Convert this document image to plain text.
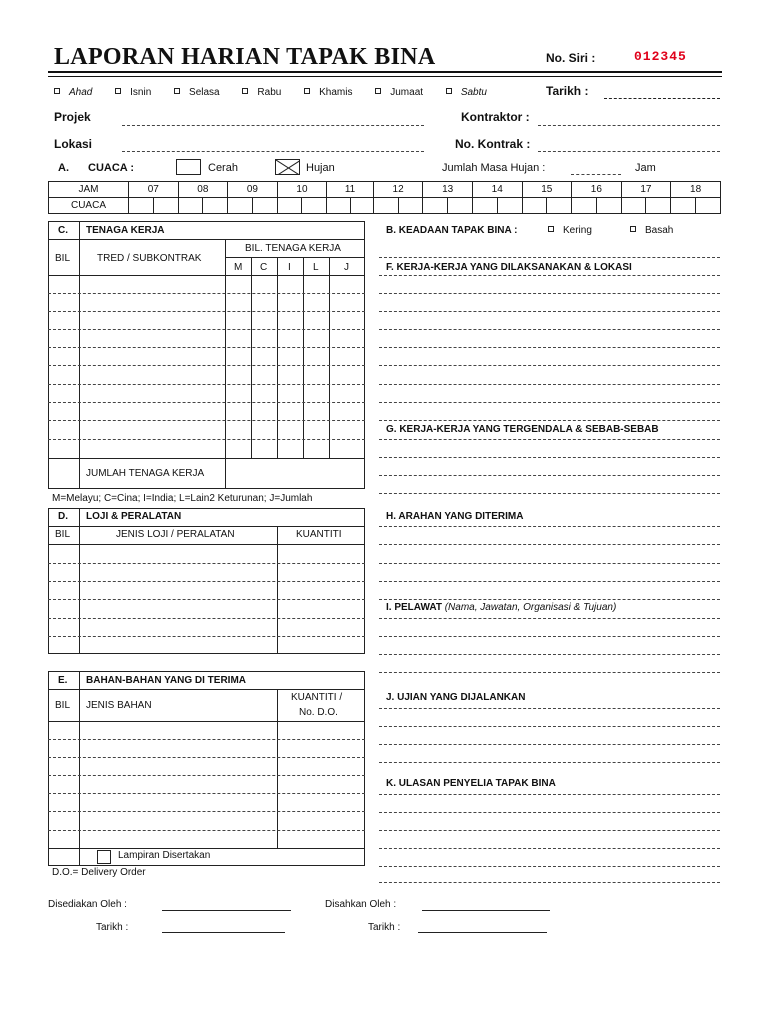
LAPORAN HARIAN TAPAK BINA	No. Siri :	012345
Ahad	Isnin	Selasa	Rabu	Khamis	Jumaat	Sabtu	Tarikh :
Projek	Kontraktor :
Lokasi	No. Kontrak :
A. CUACA :	Cerah	Hujan	Jumlah Masa Hujan :	Jam
JAM	07		08		09		10		11		12		13		14		15		16		17		18	
CUACA																								
C. TENAGA KERJA
BIL	TRED / SUBKONTRAK
BIL. TENAGA KERJA
M C I L	J
JUMLAH TENAGA KERJA
M=Melayu; C=Cina; I=India; L=Lain2 Keturunan; J=Jumlah
D. LOJI & PERALATAN
BIL	JENIS LOJI / PERALATAN	KUANTITI
E. BAHAN-BAHAN YANG DI TERIMA
BIL JENIS BAHAN
KUANTITI /
No. D.O.
Lampiran Disertakan
D.O.= Delivery Order
B. KEADAAN TAPAK BINA :	Kering	Basah
F. KERJA-KERJA YANG DILAKSANAKAN & LOKASI
G. KERJA-KERJA YANG TERGENDALA & SEBAB-SEBAB
H. ARAHAN YANG DITERIMA
I. PELAWAT (Nama, Jawatan, Organisasi & Tujuan)
J. UJIAN YANG DIJALANKAN
K. ULASAN PENYELIA TAPAK BINA
Disediakan Oleh :	Disahkan Oleh :
Tarikh :	Tarikh :
